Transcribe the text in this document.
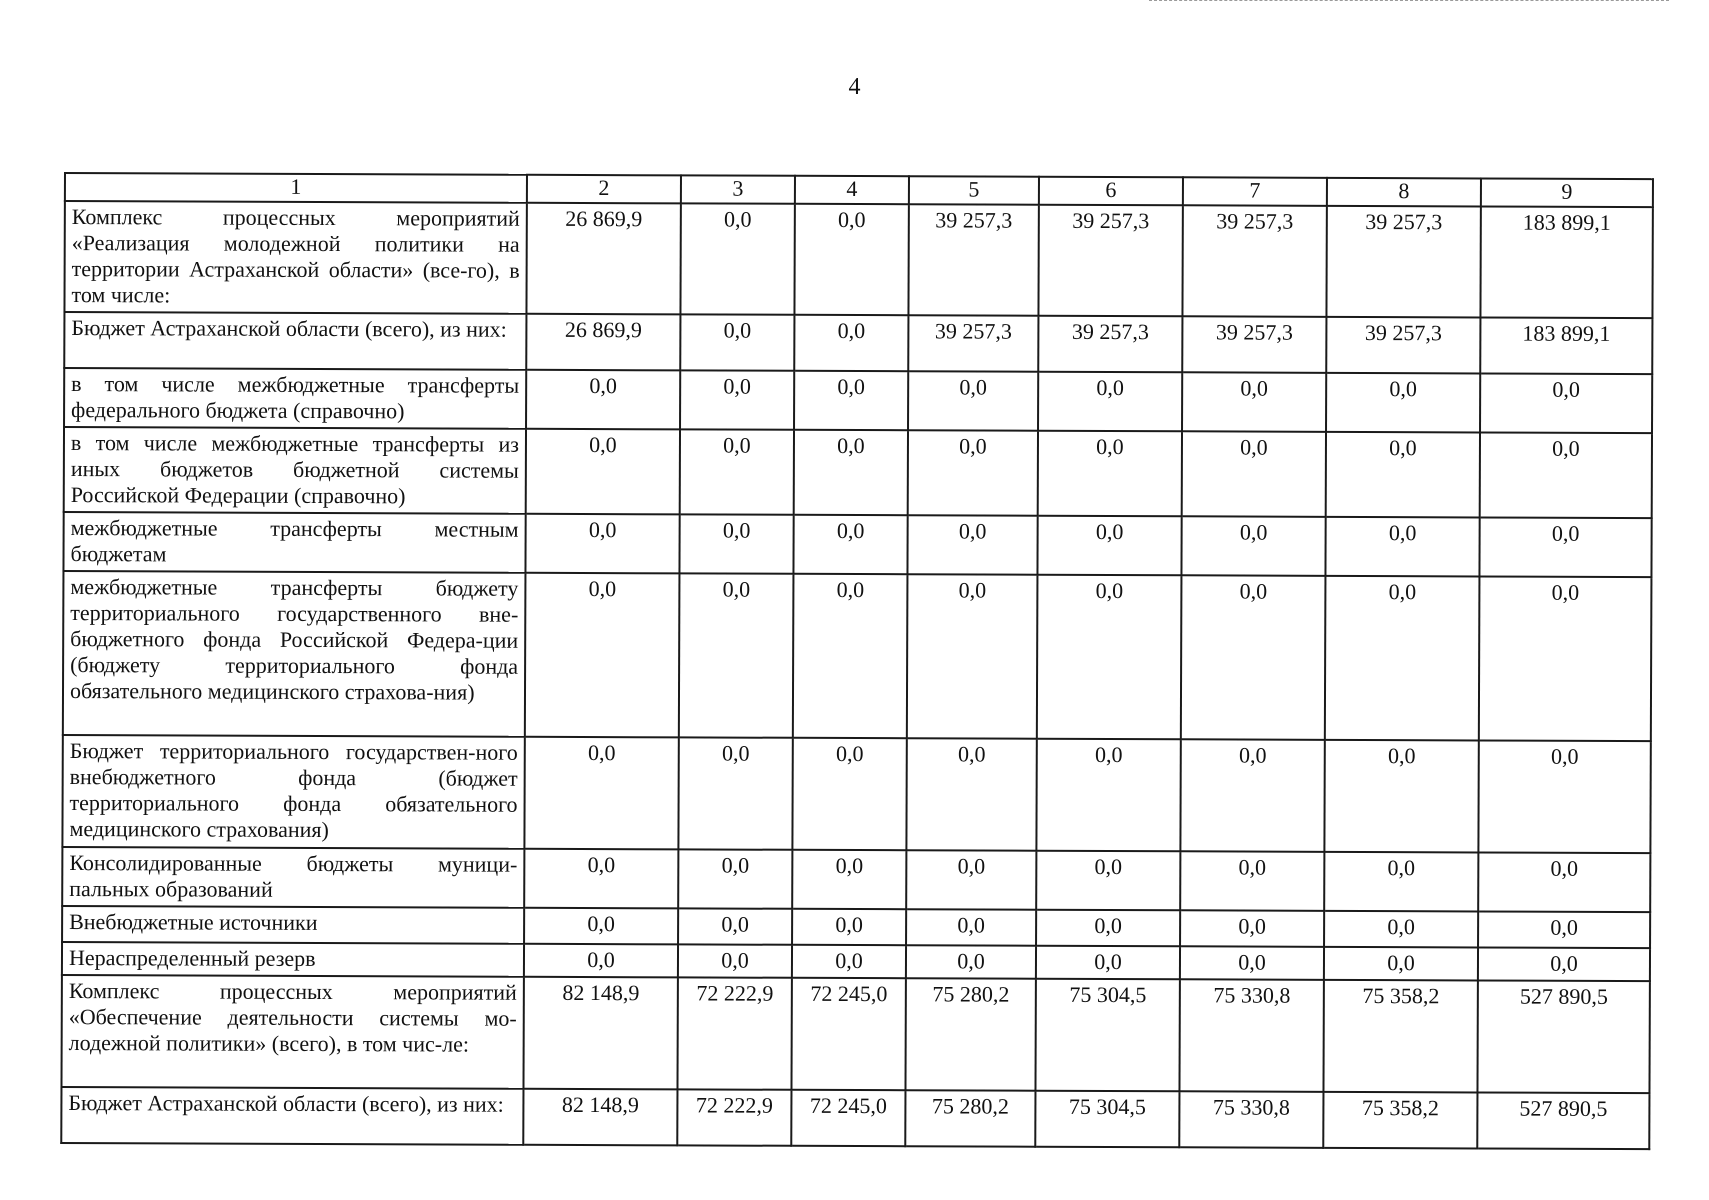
4
1	2	3	4	5	6	7	8	9
Комплекс процессных мероприятий «Реализация молодежной политики на территории Астраханской области» (все-го), в том числе:	26 869,9	0,0	0,0	39 257,3	39 257,3	39 257,3	39 257,3	183 899,1
Бюджет Астраханской области (всего), из них:	26 869,9	0,0	0,0	39 257,3	39 257,3	39 257,3	39 257,3	183 899,1
в том числе межбюджетные трансферты федерального бюджета (справочно)	0,0	0,0	0,0	0,0	0,0	0,0	0,0	0,0
в том числе межбюджетные трансферты из иных бюджетов бюджетной системы Российской Федерации (справочно)	0,0	0,0	0,0	0,0	0,0	0,0	0,0	0,0
межбюджетные трансферты местным бюджетам	0,0	0,0	0,0	0,0	0,0	0,0	0,0	0,0
межбюджетные трансферты бюджету территориального государственного вне-бюджетного фонда Российской Федера-ции (бюджету территориального фонда обязательного медицинского страхова-ния)	0,0	0,0	0,0	0,0	0,0	0,0	0,0	0,0
Бюджет территориального государствен-ного внебюджетного фонда (бюджет территориального фонда обязательного медицинского страхования)	0,0	0,0	0,0	0,0	0,0	0,0	0,0	0,0
Консолидированные бюджеты муници-пальных образований	0,0	0,0	0,0	0,0	0,0	0,0	0,0	0,0
Внебюджетные источники	0,0	0,0	0,0	0,0	0,0	0,0	0,0	0,0
Нераспределенный резерв	0,0	0,0	0,0	0,0	0,0	0,0	0,0	0,0
Комплекс процессных мероприятий «Обеспечение деятельности системы мо-лодежной политики» (всего), в том чис-ле:	82 148,9	72 222,9	72 245,0	75 280,2	75 304,5	75 330,8	75 358,2	527 890,5
Бюджет Астраханской области (всего), из них:	82 148,9	72 222,9	72 245,0	75 280,2	75 304,5	75 330,8	75 358,2	527 890,5
